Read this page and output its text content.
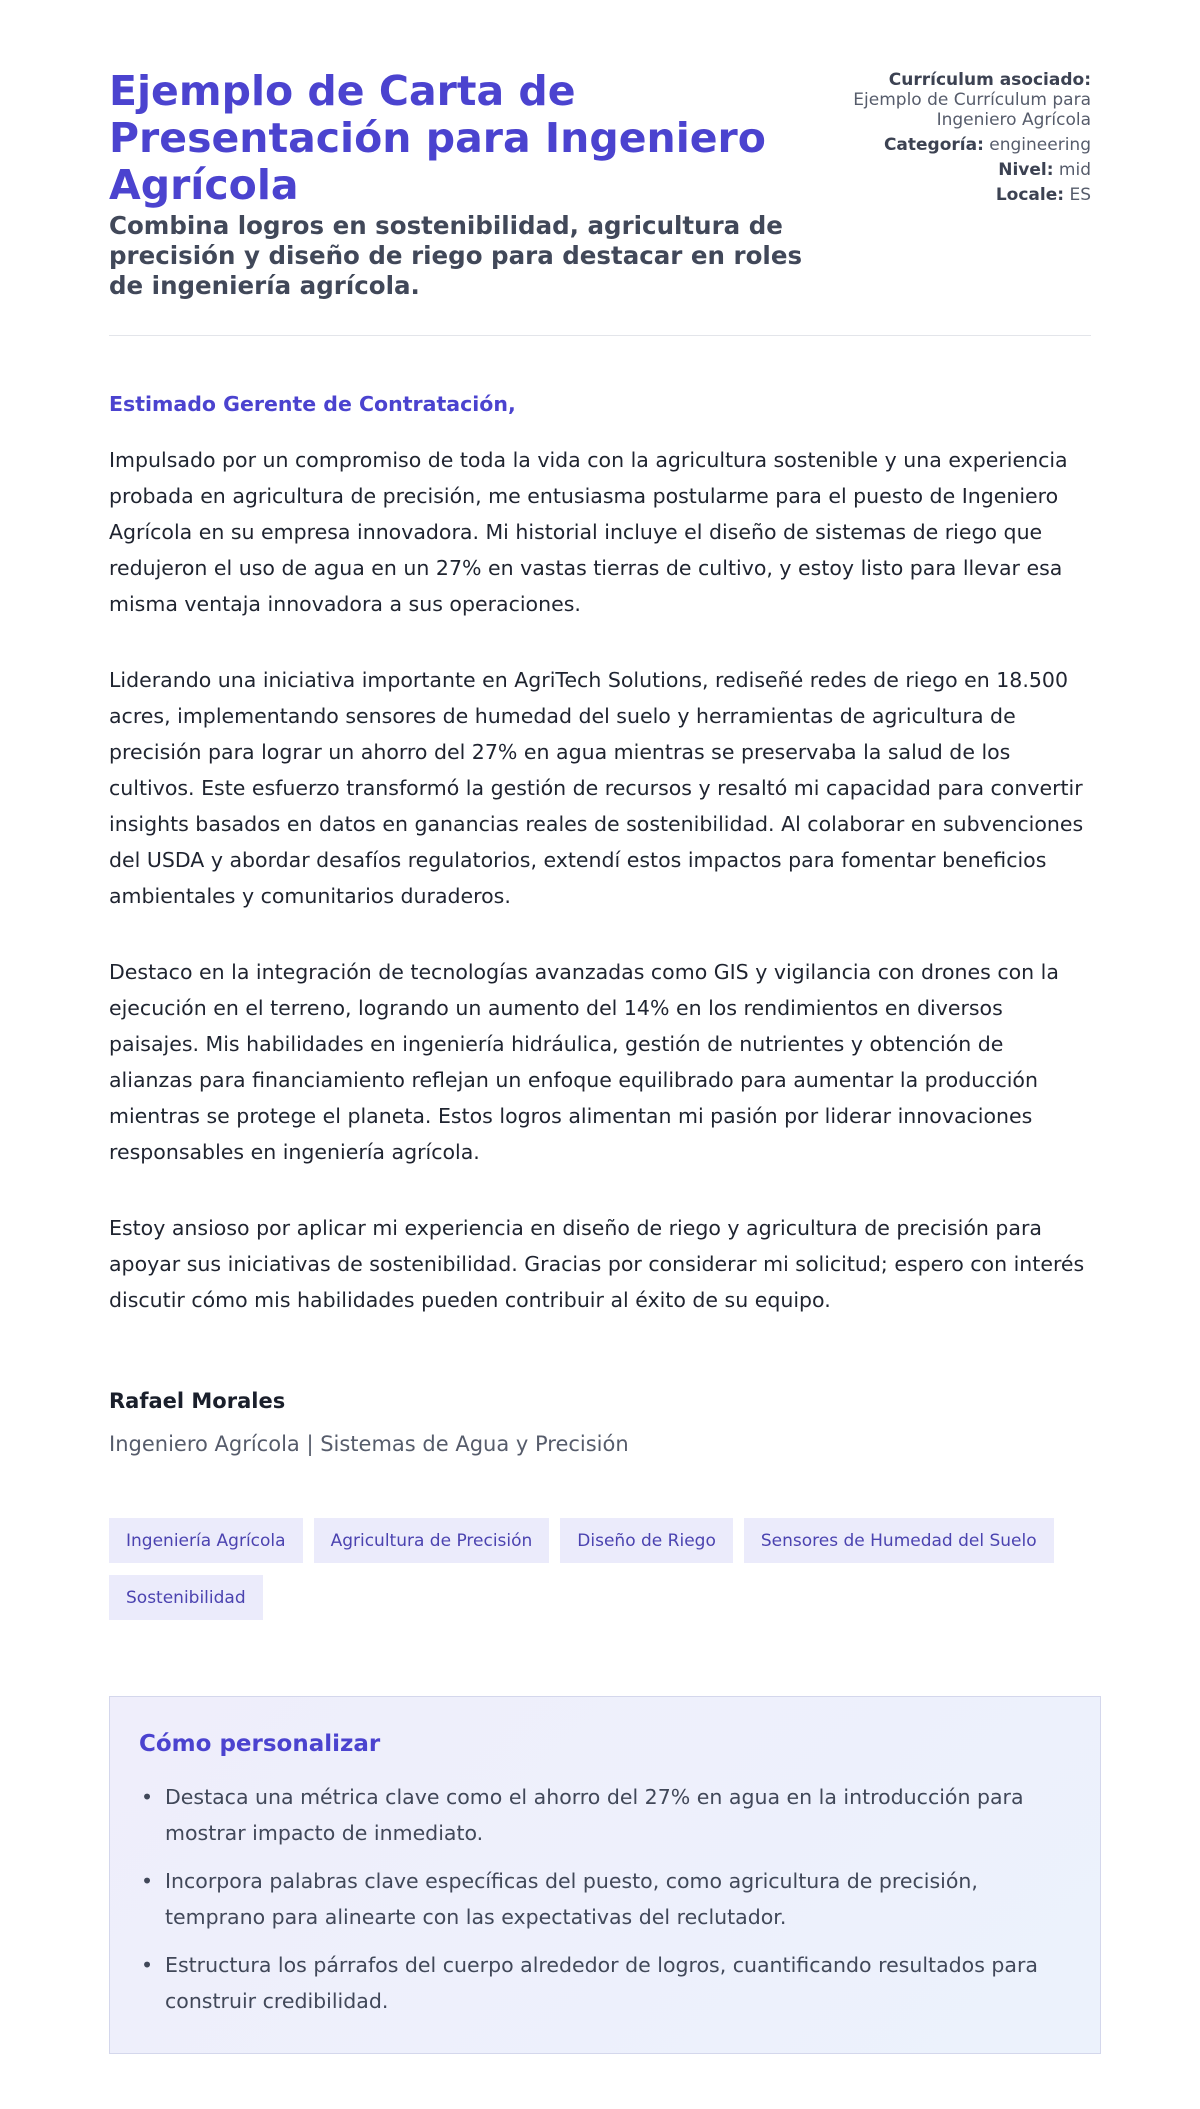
Ejemplo de Carta de Presentación para Ingeniero Agrícola
Combina logros en sostenibilidad, agricultura de precisión y diseño de riego para destacar en roles de ingeniería agrícola.
Currículum asociado:
Ejemplo de Currículum para Ingeniero Agrícola
Categoría: engineering
Nivel: mid
Locale: ES

Estimado Gerente de Contratación,

Impulsado por un compromiso de toda la vida con la agricultura sostenible y una experiencia probada en agricultura de precisión, me entusiasma postularme para el puesto de Ingeniero Agrícola en su empresa innovadora. Mi historial incluye el diseño de sistemas de riego que redujeron el uso de agua en un 27% en vastas tierras de cultivo, y estoy listo para llevar esa misma ventaja innovadora a sus operaciones.

Liderando una iniciativa importante en AgriTech Solutions, rediseñé redes de riego en 18.500 acres, implementando sensores de humedad del suelo y herramientas de agricultura de precisión para lograr un ahorro del 27% en agua mientras se preservaba la salud de los cultivos. Este esfuerzo transformó la gestión de recursos y resaltó mi capacidad para convertir insights basados en datos en ganancias reales de sostenibilidad. Al colaborar en subvenciones del USDA y abordar desafíos regulatorios, extendí estos impactos para fomentar beneficios ambientales y comunitarios duraderos.

Destaco en la integración de tecnologías avanzadas como GIS y vigilancia con drones con la ejecución en el terreno, logrando un aumento del 14% en los rendimientos en diversos paisajes. Mis habilidades en ingeniería hidráulica, gestión de nutrientes y obtención de alianzas para financiamiento reflejan un enfoque equilibrado para aumentar la producción mientras se protege el planeta. Estos logros alimentan mi pasión por liderar innovaciones responsables en ingeniería agrícola.

Estoy ansioso por aplicar mi experiencia en diseño de riego y agricultura de precisión para apoyar sus iniciativas de sostenibilidad. Gracias por considerar mi solicitud; espero con interés discutir cómo mis habilidades pueden contribuir al éxito de su equipo.

Rafael Morales

Ingeniero Agrícola | Sistemas de Agua y Precisión

Ingeniería Agrícola	Agricultura de Precisión	Diseño de Riego	Sensores de Humedad del Suelo
Sostenibilidad
Cómo personalizar
• Destaca una métrica clave como el ahorro del 27% en agua en la introducción para mostrar impacto de inmediato.
• Incorpora palabras clave específicas del puesto, como agricultura de precisión, temprano para alinearte con las expectativas del reclutador.
• Estructura los párrafos del cuerpo alrededor de logros, cuantificando resultados para construir credibilidad.
